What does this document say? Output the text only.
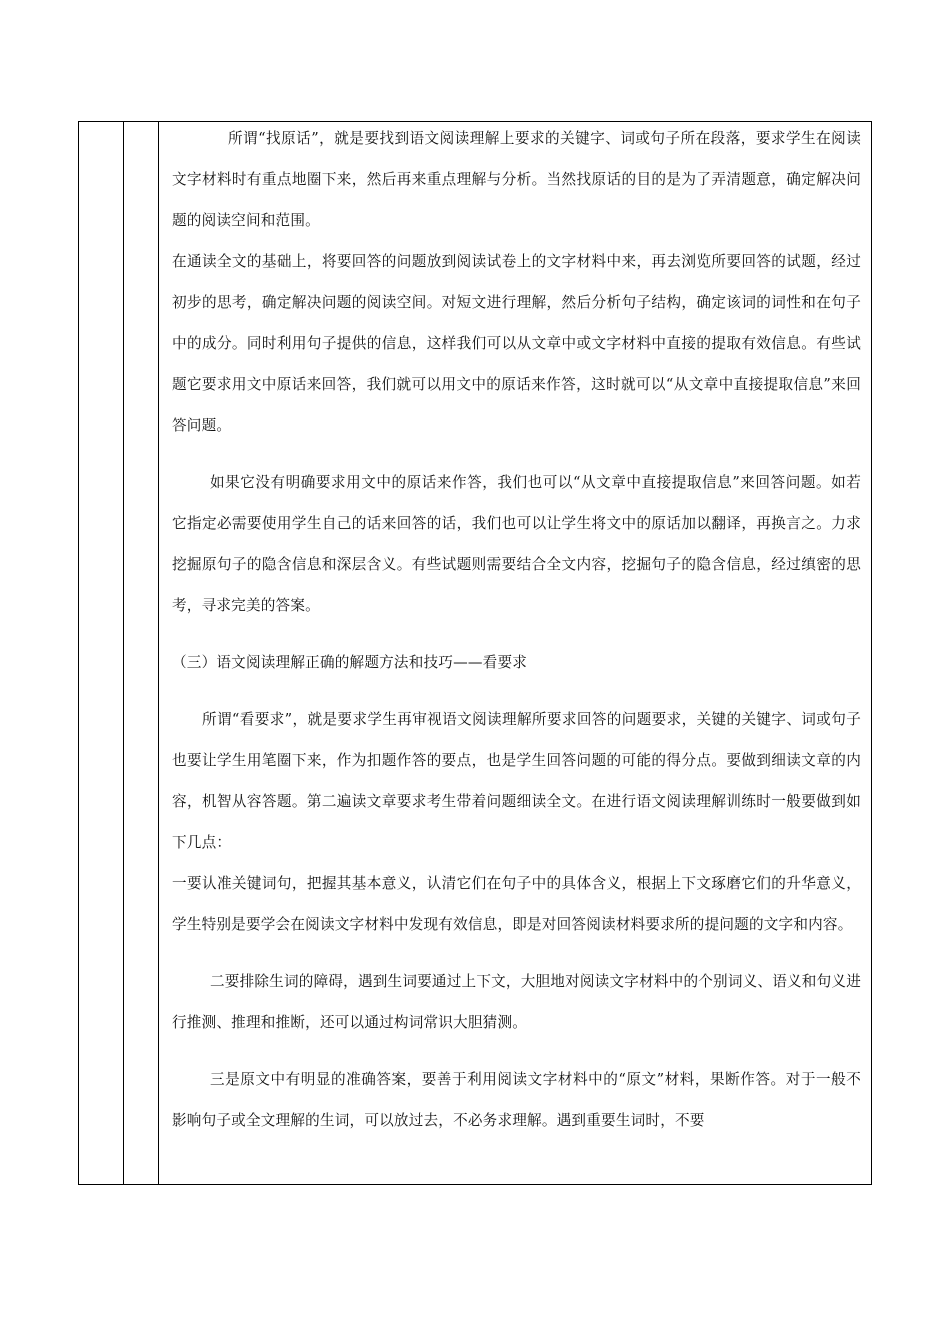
所谓“找原话”，就是要找到语文阅读理解上要求的关键字、词或句子所在段落，要求学生在阅读文字材料时有重点地圈下来，然后再来重点理解与分析。当然找原话的目的是为了弄清题意，确定解决问题的阅读空间和范围。

在通读全文的基础上，将要回答的问题放到阅读试卷上的文字材料中来，再去浏览所要回答的试题，经过初步的思考，确定解决问题的阅读空间。对短文进行理解，然后分析句子结构，确定该词的词性和在句子中的成分。同时利用句子提供的信息，这样我们可以从文章中或文字材料中直接的提取有效信息。有些试题它要求用文中原话来回答，我们就可以用文中的原话来作答，这时就可以“从文章中直接提取信息”来回答问题。

如果它没有明确要求用文中的原话来作答，我们也可以“从文章中直接提取信息”来回答问题。如若它指定必需要使用学生自己的话来回答的话，我们也可以让学生将文中的原话加以翻译，再换言之。力求挖掘原句子的隐含信息和深层含义。有些试题则需要结合全文内容，挖掘句子的隐含信息，经过缜密的思考，寻求完美的答案。

（三）语文阅读理解正确的解题方法和技巧——看要求

所谓“看要求”，就是要求学生再审视语文阅读理解所要求回答的问题要求，关键的关键字、词或句子也要让学生用笔圈下来，作为扣题作答的要点，也是学生回答问题的可能的得分点。要做到细读文章的内容，机智从容答题。第二遍读文章要求考生带着问题细读全文。在进行语文阅读理解训练时一般要做到如下几点：

一要认准关键词句，把握其基本意义，认清它们在句子中的具体含义，根据上下文琢磨它们的升华意义，学生特别是要学会在阅读文字材料中发现有效信息，即是对回答阅读材料要求所的提问题的文字和内容。

二要排除生词的障碍，遇到生词要通过上下文，大胆地对阅读文字材料中的个别词义、语义和句义进行推测、推理和推断，还可以通过构词常识大胆猜测。

三是原文中有明显的准确答案，要善于利用阅读文字材料中的“原文”材料，果断作答。对于一般不影响句子或全文理解的生词，可以放过去，不必务求理解。遇到重要生词时，不要
